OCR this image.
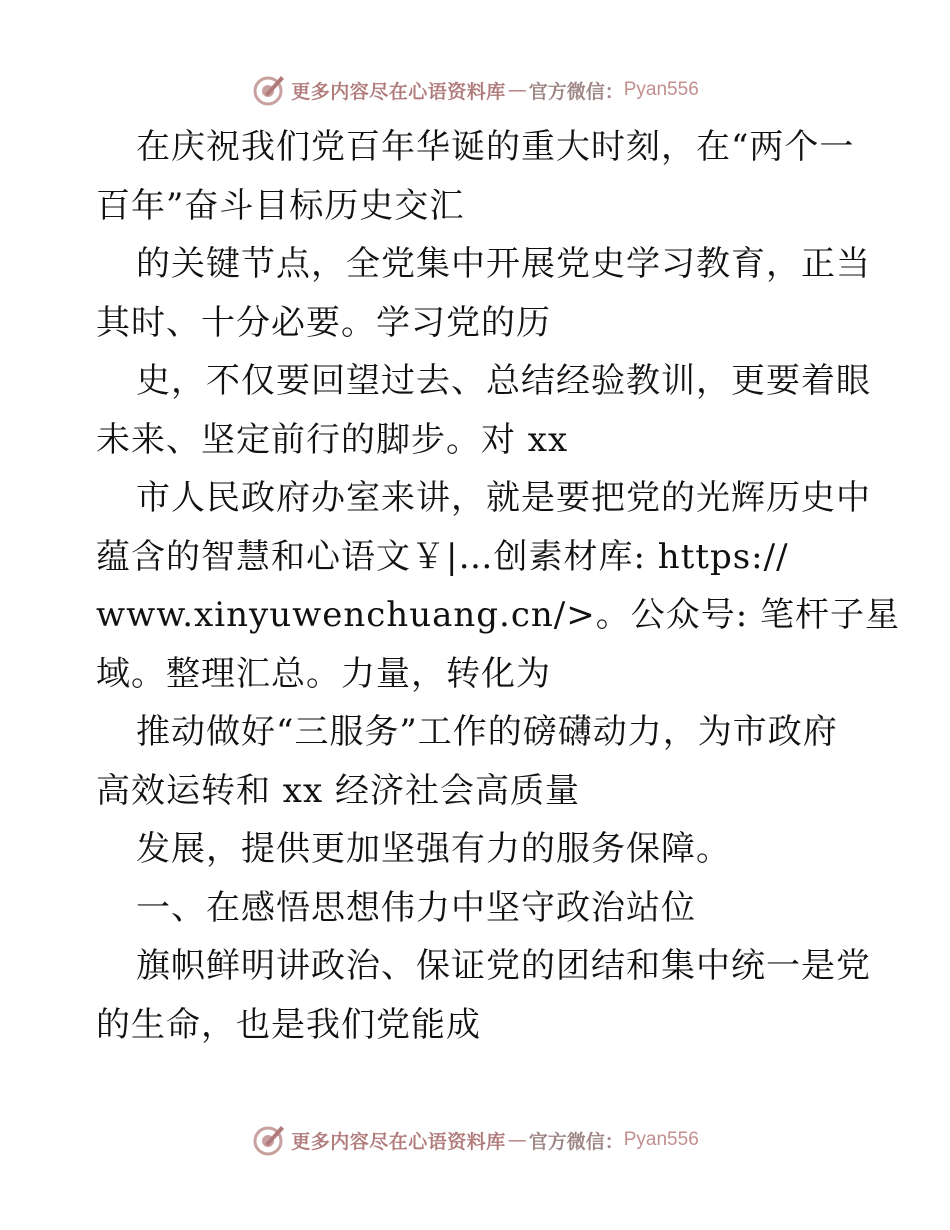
更多内容尽在心语资料库 — 官方微信： Pyan556
在庆祝我们党百年华诞的重大时刻，在“两个一
百年”奋斗目标历史交汇
的关键节点，全党集中开展党史学习教育，正当
其时、十分必要。学习党的历
史，不仅要回望过去、总结经验教训，更要着眼
未来、坚定前行的脚步。对 xx
市人民政府办室来讲，就是要把党的光辉历史中
蕴含的智慧和心语文￥|…创素材库: https://
www.xinyuwenchuang.cn/>。公众号: 笔杆子星
域。整理汇总。力量，转化为
推动做好“三服务”工作的磅礴动力，为市政府
高效运转和 xx 经济社会高质量
发展，提供更加坚强有力的服务保障。
一、在感悟思想伟力中坚守政治站位
旗帜鲜明讲政治、保证党的团结和集中统一是党
的生命，也是我们党能成
更多内容尽在心语资料库 — 官方微信： Pyan556
